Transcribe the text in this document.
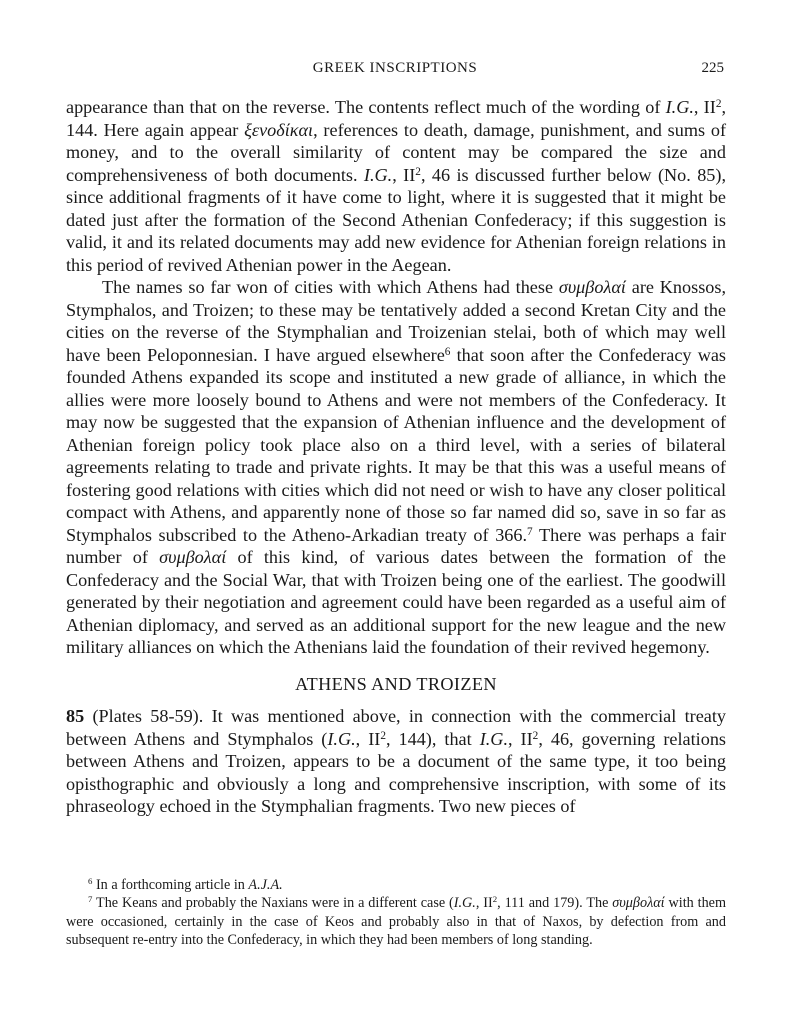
GREEK INSCRIPTIONS	225

appearance than that on the reverse. The contents reflect much of the wording of I.G., $II^2$, 144. Here again appear ξενοδίκαι, references to death, damage, punishment, and sums of money, and to the overall similarity of content may be compared the size and comprehensiveness of both documents. I.G., $II^2$, 46 is discussed further below (No. 85), since additional fragments of it have come to light, where it is suggested that it might be dated just after the formation of the Second Athenian Confederacy; if this suggestion is valid, it and its related documents may add new evidence for Athenian foreign relations in this period of revived Athenian power in the Aegean.

The names so far won of cities with which Athens had these συμβολαί are Knossos, Stymphalos, and Troizen; to these may be tentatively added a second Kretan City and the cities on the reverse of the Stymphalian and Troizenian stelai, both of which may well have been Peloponnesian. I have argued elsewhere$^6$ that soon after the Confederacy was founded Athens expanded its scope and instituted a new grade of alliance, in which the allies were more loosely bound to Athens and were not members of the Confederacy. It may now be suggested that the expansion of Athenian influence and the development of Athenian foreign policy took place also on a third level, with a series of bilateral agreements relating to trade and private rights. It may be that this was a useful means of fostering good relations with cities which did not need or wish to have any closer political compact with Athens, and apparently none of those so far named did so, save in so far as Stymphalos subscribed to the Atheno-Arkadian treaty of 366.$^7$ There was perhaps a fair number of συμβολαί of this kind, of various dates between the formation of the Confederacy and the Social War, that with Troizen being one of the earliest. The goodwill generated by their negotiation and agreement could have been regarded as a useful aim of Athenian diplomacy, and served as an additional support for the new league and the new military alliances on which the Athenians laid the foundation of their revived hegemony.

ATHENS AND TROIZEN

85 (Plates 58-59). It was mentioned above, in connection with the commercial treaty between Athens and Stymphalos (I.G., $II^2$, 144), that I.G., $II^2$, 46, governing relations between Athens and Troizen, appears to be a document of the same type, it too being opisthographic and obviously a long and comprehensive inscription, with some of its phraseology echoed in the Stymphalian fragments. Two new pieces of

$^6$ In a forthcoming article in A.J.A.

$^7$ The Keans and probably the Naxians were in a different case (I.G., $II^2$, 111 and 179). The συμβολαί with them were occasioned, certainly in the case of Keos and probably also in that of Naxos, by defection from and subsequent re-entry into the Confederacy, in which they had been members of long standing.
